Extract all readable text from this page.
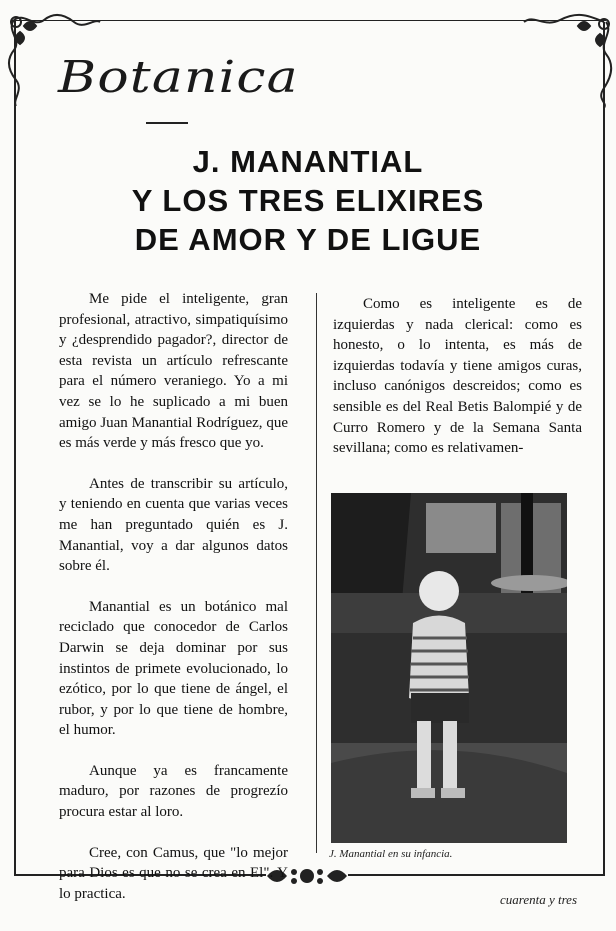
Botanica
J. MANANTIAL
Y LOS TRES ELIXIRES
DE AMOR Y DE LIGUE

Me pide el inteligente, gran profesional, atractivo, simpatiquísimo y ¿desprendido pagador?, director de esta revista un artículo refrescante para el número veraniego. Yo a mi vez se lo he suplicado a mi buen amigo Juan Manantial Rodríguez, que es más verde y más fresco que yo.

Antes de transcribir su artículo, y teniendo en cuenta que varias veces me han preguntado quién es J. Manantial, voy a dar algunos datos sobre él.

Manantial es un botánico mal reciclado que conocedor de Carlos Darwin se deja dominar por sus instintos de primete evolucionado, lo ezótico, por lo que tiene de ángel, el rubor, y por lo que tiene de hombre, el humor.

Aunque ya es francamente maduro, por razones de progrezío procura estar al loro.

Cree, con Camus, que "lo mejor para Dios es que no se crea en El". Y lo practica.

Como es inteligente es de izquierdas y nada clerical: como es honesto, o lo intenta, es más de izquierdas todavía y tiene amigos curas, incluso canónigos descreidos; como es sensible es del Real Betis Balompié y de Curro Romero y de la Semana Santa sevillana; como es relativamen-

J. Manantial en su infancia.
cuarenta y tres
